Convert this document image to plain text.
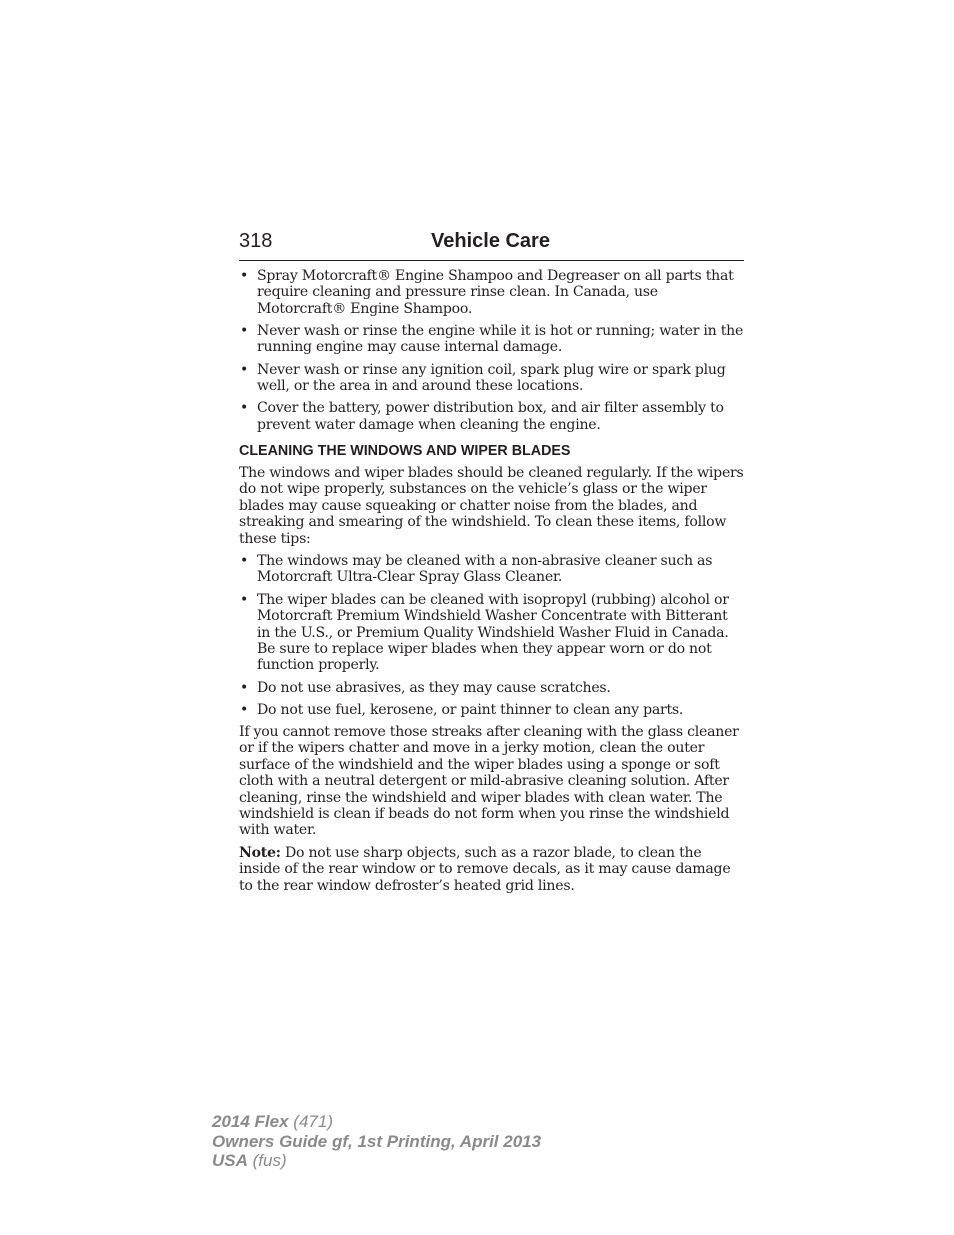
318	Vehicle Care
• Spray Motorcraft® Engine Shampoo and Degreaser on all parts that require cleaning and pressure rinse clean. In Canada, use Motorcraft® Engine Shampoo.
• Never wash or rinse the engine while it is hot or running; water in the running engine may cause internal damage.
• Never wash or rinse any ignition coil, spark plug wire or spark plug well, or the area in and around these locations.
• Cover the battery, power distribution box, and air filter assembly to prevent water damage when cleaning the engine.
CLEANING THE WINDOWS AND WIPER BLADES

The windows and wiper blades should be cleaned regularly. If the wipers do not wipe properly, substances on the vehicle’s glass or the wiper blades may cause squeaking or chatter noise from the blades, and streaking and smearing of the windshield. To clean these items, follow these tips:

• The windows may be cleaned with a non-abrasive cleaner such as Motorcraft Ultra-Clear Spray Glass Cleaner.
• The wiper blades can be cleaned with isopropyl (rubbing) alcohol or Motorcraft Premium Windshield Washer Concentrate with Bitterant in the U.S., or Premium Quality Windshield Washer Fluid in Canada. Be sure to replace wiper blades when they appear worn or do not function properly.
• Do not use abrasives, as they may cause scratches.
• Do not use fuel, kerosene, or paint thinner to clean any parts.

If you cannot remove those streaks after cleaning with the glass cleaner or if the wipers chatter and move in a jerky motion, clean the outer surface of the windshield and the wiper blades using a sponge or soft cloth with a neutral detergent or mild-abrasive cleaning solution. After cleaning, rinse the windshield and wiper blades with clean water. The windshield is clean if beads do not form when you rinse the windshield with water.

Note: Do not use sharp objects, such as a razor blade, to clean the inside of the rear window or to remove decals, as it may cause damage to the rear window defroster’s heated grid lines.

2014 Flex (471)
Owners Guide gf, 1st Printing, April 2013
USA (fus)
